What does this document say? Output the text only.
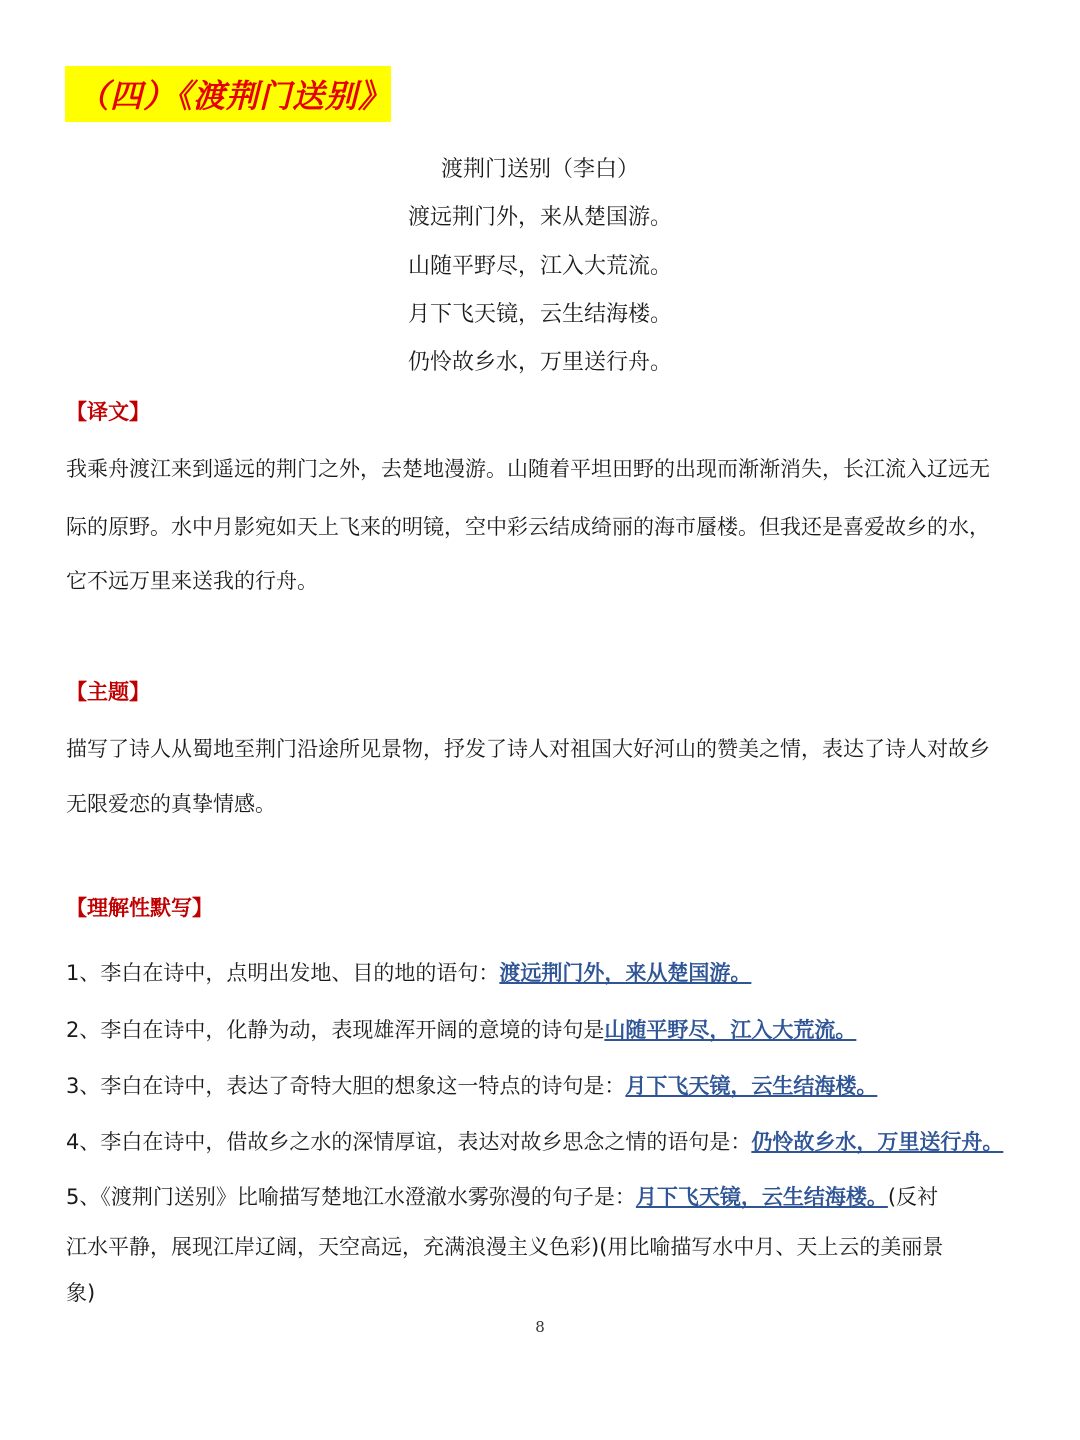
（四）《渡荆门送别》
渡荆门送别（李白）
渡远荆门外，来从楚国游。
山随平野尽，江入大荒流。
月下飞天镜，云生结海楼。
仍怜故乡水，万里送行舟。
【译文】
我乘舟渡江来到遥远的荆门之外，去楚地漫游。山随着平坦田野的出现而渐渐消失，长江流入辽远无
际的原野。水中月影宛如天上飞来的明镜，空中彩云结成绮丽的海市蜃楼。但我还是喜爱故乡的水，
它不远万里来送我的行舟。
【主题】
描写了诗人从蜀地至荆门沿途所见景物，抒发了诗人对祖国大好河山的赞美之情，表达了诗人对故乡
无限爱恋的真挚情感。
【理解性默写】
1、李白在诗中，点明出发地、目的地的语句：渡远荆门外，来从楚国游。
2、李白在诗中，化静为动，表现雄浑开阔的意境的诗句是山随平野尽，江入大荒流。
3、李白在诗中，表达了奇特大胆的想象这一特点的诗句是：月下飞天镜，云生结海楼。
4、李白在诗中，借故乡之水的深情厚谊，表达对故乡思念之情的语句是：仍怜故乡水，万里送行舟。
5、《渡荆门送别》比喻描写楚地江水澄澈水雾弥漫的句子是：月下飞天镜，云生结海楼。(反衬
江水平静，展现江岸辽阔，天空高远，充满浪漫主义色彩)(用比喻描写水中月、天上云的美丽景
象)
8
